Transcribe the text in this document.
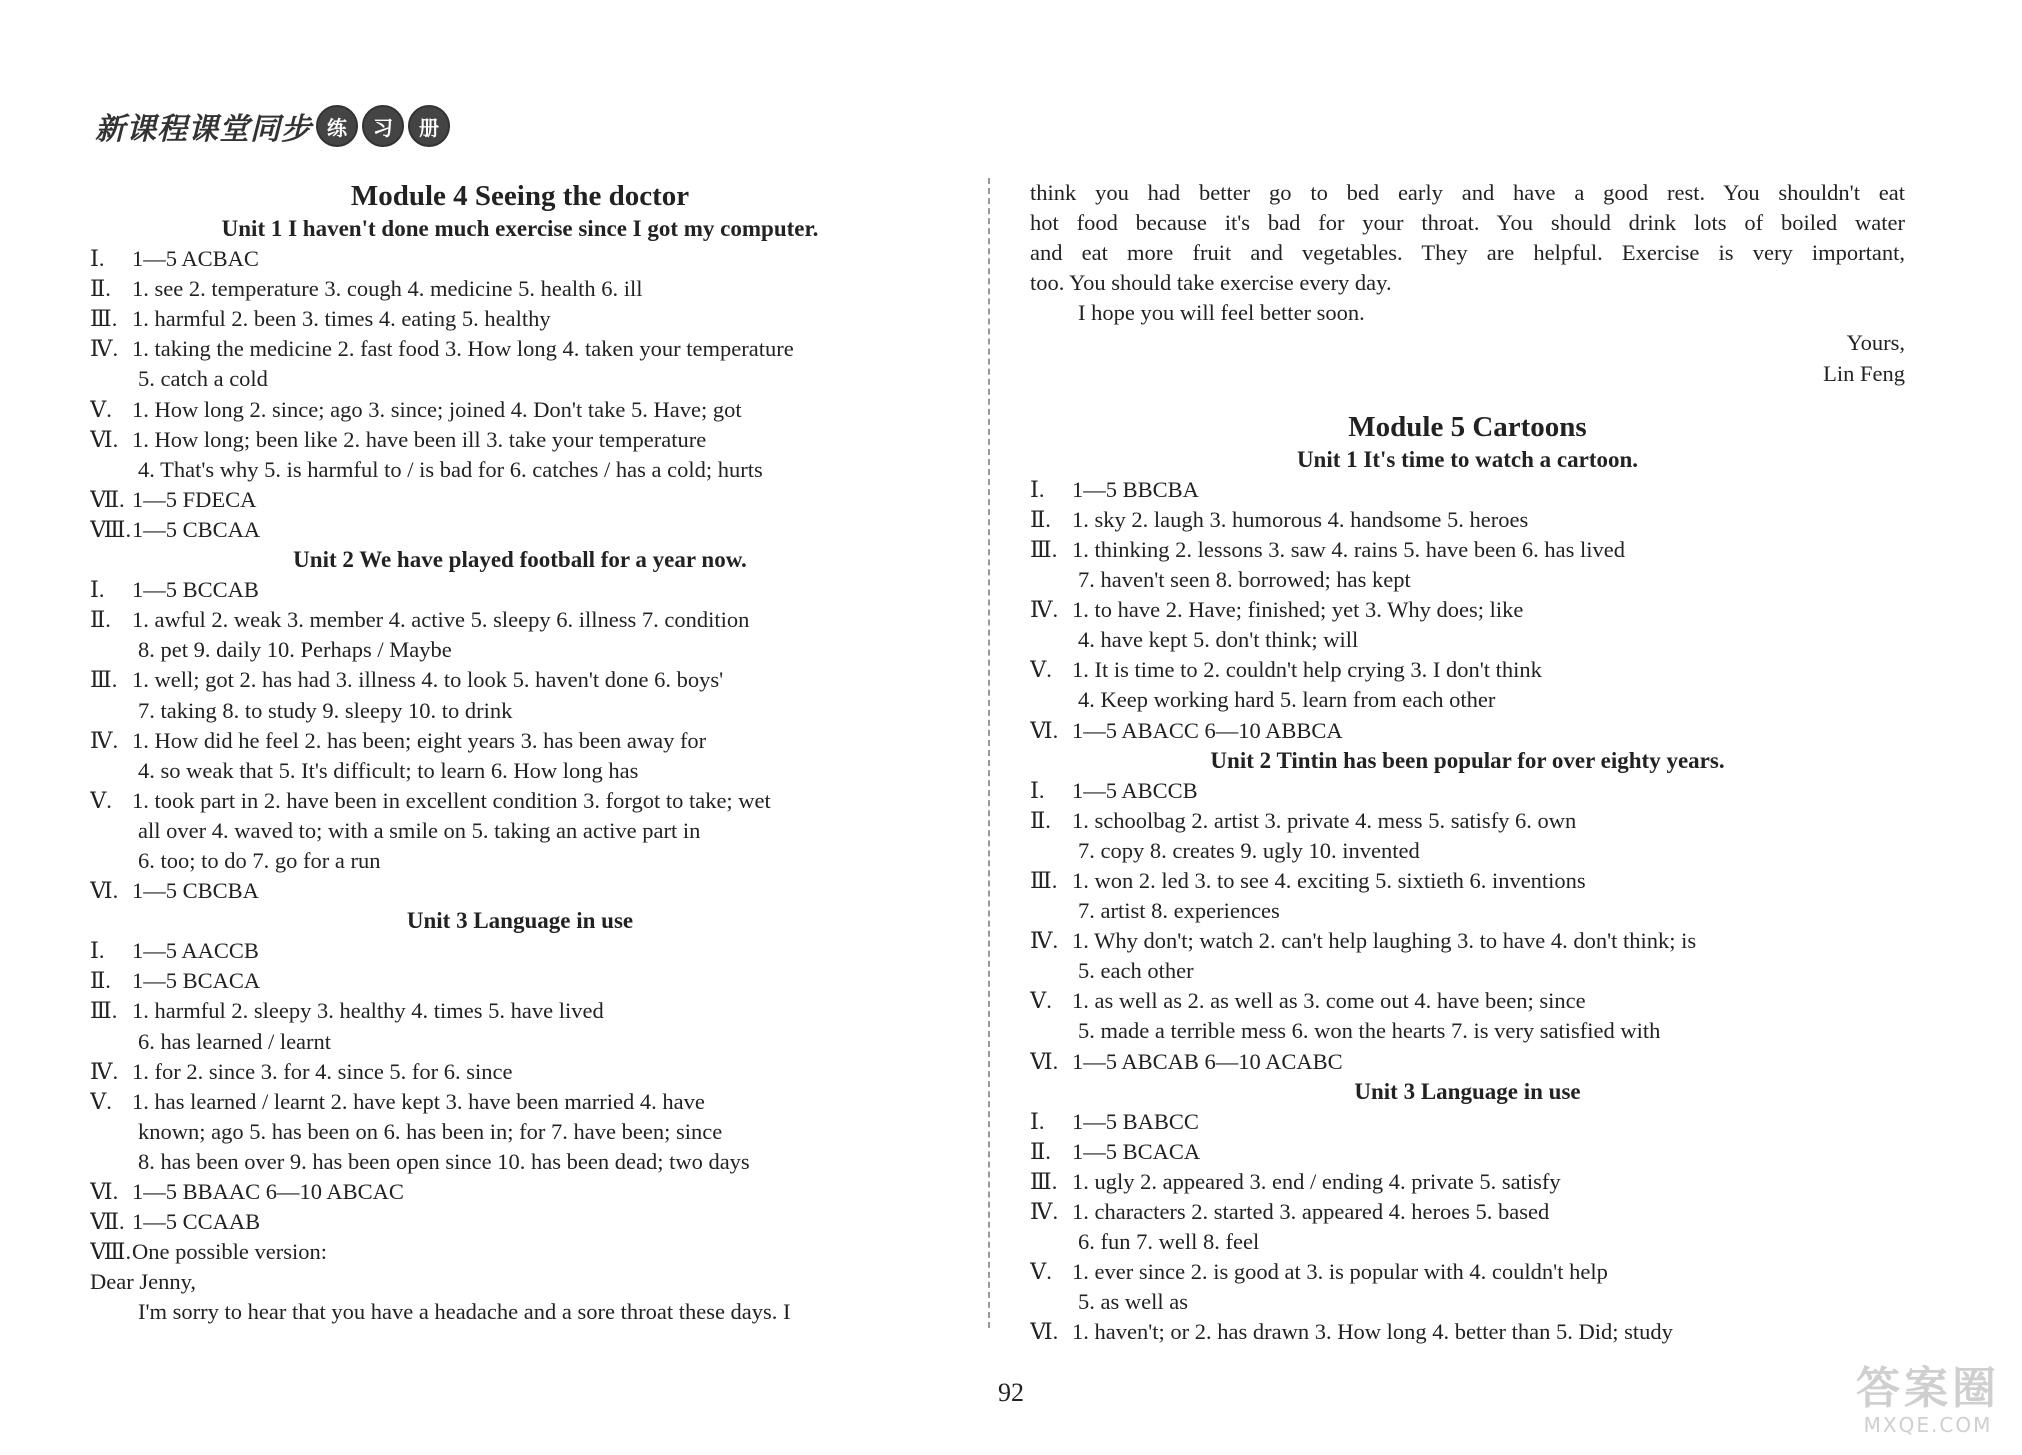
新课程课堂同步 练	习	册
Module 4 Seeing the doctor
Unit 1 I haven't done much exercise since I got my computer.
Ⅰ.	1—5 ACBAC
Ⅱ. 1. see 2. temperature 3. cough 4. medicine 5. health 6. ill
Ⅲ. 1. harmful 2. been 3. times 4. eating 5. healthy
Ⅳ. 1. taking the medicine 2. fast food 3. How long 4. taken your temperature
5. catch a cold
Ⅴ. 1. How long 2. since; ago 3. since; joined 4. Don't take 5. Have; got
Ⅵ. 1. How long; been like 2. have been ill 3. take your temperature
4. That's why 5. is harmful to / is bad for 6. catches / has a cold; hurts
Ⅶ. 1—5 FDECA
Ⅷ. 1—5 CBCAA
Unit 2 We have played football for a year now.
Ⅰ.	1—5 BCCAB
Ⅱ. 1. awful 2. weak 3. member 4. active 5. sleepy 6. illness 7. condition
8. pet 9. daily 10. Perhaps / Maybe
Ⅲ. 1. well; got 2. has had 3. illness 4. to look 5. haven't done 6. boys'
7. taking 8. to study 9. sleepy 10. to drink
Ⅳ. 1. How did he feel 2. has been; eight years 3. has been away for
4. so weak that 5. It's difficult; to learn 6. How long has
Ⅴ. 1. took part in 2. have been in excellent condition 3. forgot to take; wet
all over 4. waved to; with a smile on 5. taking an active part in
6. too; to do 7. go for a run
Ⅵ. 1—5 CBCBA
Unit 3 Language in use
Ⅰ.	1—5 AACCB
Ⅱ. 1—5 BCACA
Ⅲ. 1. harmful 2. sleepy 3. healthy 4. times 5. have lived
6. has learned / learnt
Ⅳ. 1. for 2. since 3. for 4. since 5. for 6. since
Ⅴ. 1. has learned / learnt 2. have kept 3. have been married 4. have
known; ago 5. has been on 6. has been in; for 7. have been; since
8. has been over 9. has been open since 10. has been dead; two days
Ⅵ. 1—5 BBAAC 6—10 ABCAC
Ⅶ. 1—5 CCAAB
Ⅷ. One possible version:
Dear Jenny,
I'm sorry to hear that you have a headache and a sore throat these days. I
think you had better go to bed early and have a good rest. You shouldn't eat
hot food because it's bad for your throat. You should drink lots of boiled water
and eat more fruit and vegetables. They are helpful. Exercise is very important,
too. You should take exercise every day.
I hope you will feel better soon.
Yours,
Lin Feng
Module 5 Cartoons
Unit 1 It's time to watch a cartoon.
Ⅰ.	1—5 BBCBA
Ⅱ. 1. sky 2. laugh 3. humorous 4. handsome 5. heroes
Ⅲ. 1. thinking 2. lessons 3. saw 4. rains 5. have been 6. has lived
7. haven't seen 8. borrowed; has kept
Ⅳ. 1. to have 2. Have; finished; yet 3. Why does; like
4. have kept 5. don't think; will
Ⅴ. 1. It is time to 2. couldn't help crying 3. I don't think
4. Keep working hard 5. learn from each other
Ⅵ. 1—5 ABACC 6—10 ABBCA
Unit 2 Tintin has been popular for over eighty years.
Ⅰ.	1—5 ABCCB
Ⅱ. 1. schoolbag 2. artist 3. private 4. mess 5. satisfy 6. own
7. copy 8. creates 9. ugly 10. invented
Ⅲ. 1. won 2. led 3. to see 4. exciting 5. sixtieth 6. inventions
7. artist 8. experiences
Ⅳ. 1. Why don't; watch 2. can't help laughing 3. to have 4. don't think; is
5. each other
Ⅴ. 1. as well as 2. as well as 3. come out 4. have been; since
5. made a terrible mess 6. won the hearts 7. is very satisfied with
Ⅵ. 1—5 ABCAB 6—10 ACABC
Unit 3 Language in use
Ⅰ.	1—5 BABCC
Ⅱ. 1—5 BCACA
Ⅲ. 1. ugly 2. appeared 3. end / ending 4. private 5. satisfy
Ⅳ. 1. characters 2. started 3. appeared 4. heroes 5. based
6. fun 7. well 8. feel
Ⅴ. 1. ever since 2. is good at 3. is popular with 4. couldn't help
5. as well as
Ⅵ. 1. haven't; or 2. has drawn 3. How long 4. better than 5. Did; study
92	答案圈
MXQE.COM
